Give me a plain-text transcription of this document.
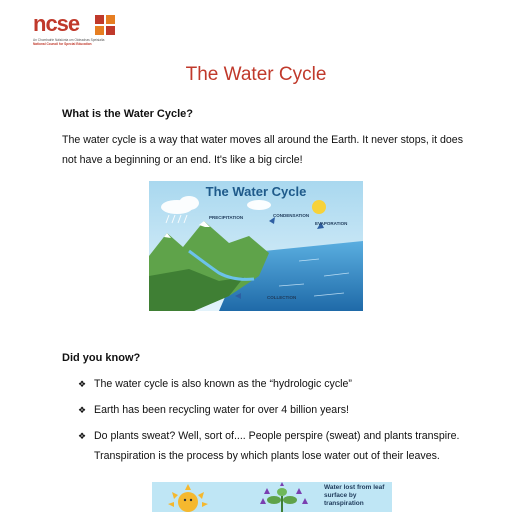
ncse
An Chomhairle Náisiúnta um Oideachas Speisialta
National Council for Special Education
The Water Cycle
What is the Water Cycle?
The water cycle is a way that water moves all around the Earth. It never stops, it does not have a beginning or an end. It's like a big circle!
The Water Cycle
PRECIPITATION	CONDENSATION
EVAPORATION
COLLECTION
Did you know?
❖ The water cycle is also known as the “hydrologic cycle”
❖ Earth has been recycling water for over 4 billion years!
❖ Do plants sweat? Well, sort of.... People perspire (sweat) and plants transpire. Transpiration is the process by which plants lose water out of their leaves.
Water lost from leaf surface by transpiration
